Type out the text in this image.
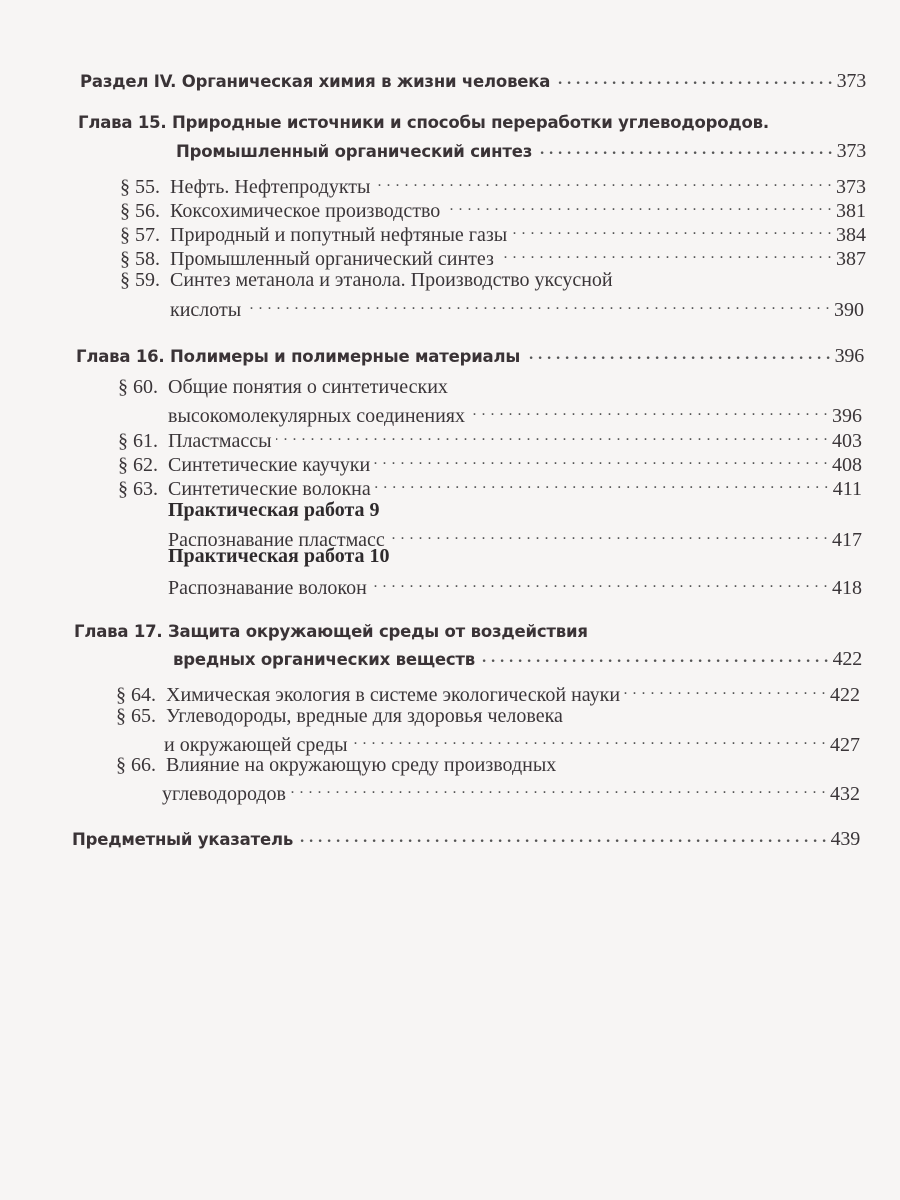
Раздел IV. Органическая химия в жизни человека . . .	373
Глава 15. Природные источники и способы переработки углеводородов.
Промышленный органический синтез . . .	373
§ 55. Нефть. Нефтепродукты . . .	373
§ 56. Коксохимическое производство . . .	381
§ 57. Природный и попутный нефтяные газы . . .	384
§ 58. Промышленный органический синтез . . .	387
§ 59. Синтез метанола и этанола. Производство уксусной
кислоты . . .	390
Глава 16. Полимеры и полимерные материалы . . .	396
§ 60. Общие понятия о синтетических
высокомолекулярных соединениях . . .	396
§ 61. Пластмассы . . .	403
§ 62. Синтетические каучуки . . .	408
§ 63. Синтетические волокна . . .	411
Практическая работа 9
Распознавание пластмасс . . .	417
Практическая работа 10
Распознавание волокон . . .	418
Глава 17. Защита окружающей среды от воздействия
вредных органических веществ . . .	422
§ 64. Химическая экология в системе экологической науки . . .	422
§ 65. Углеводороды, вредные для здоровья человека
и окружающей среды . . .	427
§ 66. Влияние на окружающую среду производных
углеводородов . . .	432
Предметный указатель . . .	439
